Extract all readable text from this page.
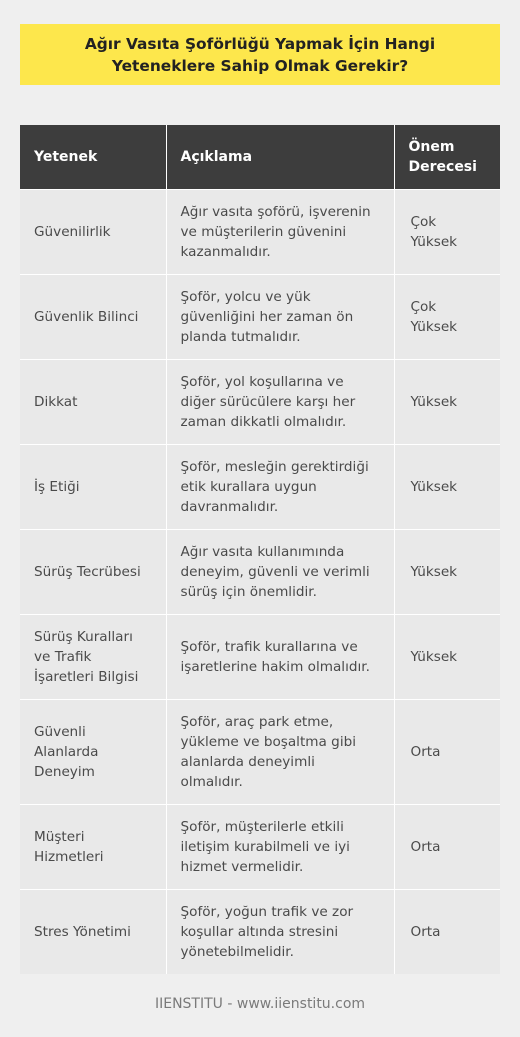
Ağır Vasıta Şoförlüğü Yapmak İçin Hangi Yeteneklere Sahip Olmak Gerekir?
Yetenek	Açıklama	Önem Derecesi
Güvenilirlik	Ağır vasıta şoförü, işverenin ve müşterilerin güvenini kazanmalıdır.	Çok Yüksek
Güvenlik Bilinci	Şoför, yolcu ve yük güvenliğini her zaman ön planda tutmalıdır.	Çok Yüksek
Dikkat	Şoför, yol koşullarına ve diğer sürücülere karşı her zaman dikkatli olmalıdır.	Yüksek
İş Etiği	Şoför, mesleğin gerektirdiği etik kurallara uygun davranmalıdır.	Yüksek
Sürüş Tecrübesi	Ağır vasıta kullanımında deneyim, güvenli ve verimli sürüş için önemlidir.	Yüksek
Sürüş Kuralları ve Trafik İşaretleri Bilgisi	Şoför, trafik kurallarına ve işaretlerine hakim olmalıdır.	Yüksek
Güvenli Alanlarda Deneyim	Şoför, araç park etme, yükleme ve boşaltma gibi alanlarda deneyimli olmalıdır.	Orta
Müşteri Hizmetleri	Şoför, müşterilerle etkili iletişim kurabilmeli ve iyi hizmet vermelidir.	Orta
Stres Yönetimi	Şoför, yoğun trafik ve zor koşullar altında stresini yönetebilmelidir.	Orta
IIENSTITU - www.iienstitu.com
